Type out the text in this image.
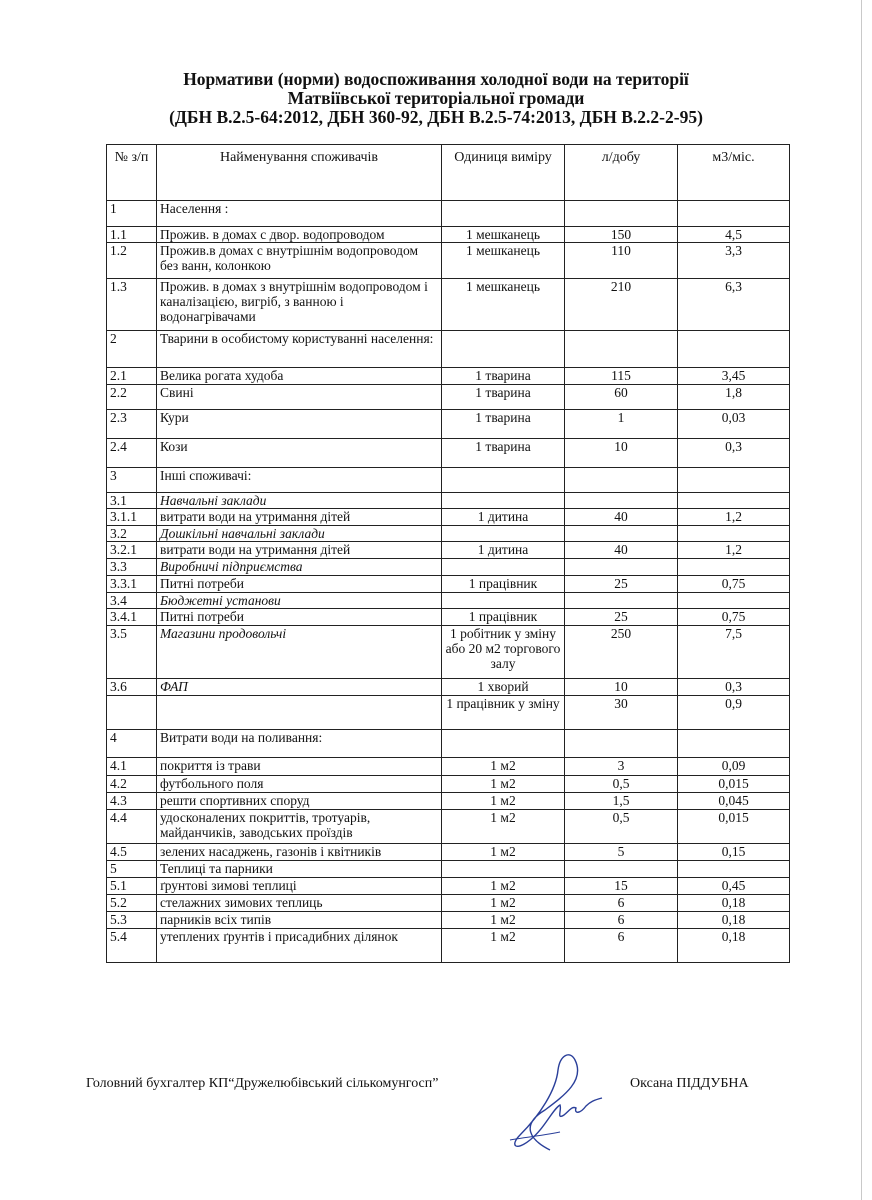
Нормативи (норми) водоспоживання холодної води на території
Матвіївської територіальної громади
(ДБН В.2.5-64:2012, ДБН 360-92, ДБН В.2.5-74:2013, ДБН В.2.2-2-95)
№ з/п	Найменування споживачів	Одиниця виміру	л/добу	м3/міс.
1	Населення :			
1.1	Прожив. в домах с двор. водопроводом	1 мешканець	150	4,5
1.2	Прожив.в домах с внутрішнім водопроводом без ванн, колонкою	1 мешканець	110	3,3
1.3	Прожив. в домах з внутрішнім водопроводом і каналізацією, вигріб, з ванною і водонагрівачами	1 мешканець	210	6,3
2	Тварини в особистому користуванні населення:			
2.1	Велика рогата худоба	1 тварина	115	3,45
2.2	Свині	1 тварина	60	1,8
2.3	Кури	1 тварина	1	0,03
2.4	Кози	1 тварина	10	0,3
3	Інші споживачі:			
3.1	Навчальні заклади			
3.1.1	витрати води на утримання дітей	1 дитина	40	1,2
3.2	Дошкільні навчальні заклади			
3.2.1	витрати води на утримання дітей	1 дитина	40	1,2
3.3	Виробничі підприємства			
3.3.1	Питні потреби	1 працівник	25	0,75
3.4	Бюджетні установи			
3.4.1	Питні потреби	1 працівник	25	0,75
3.5	Магазини продовольчі	1 робітник у зміну або 20 м2 торгового залу	250	7,5
3.6	ФАП	1 хворий	10	0,3
		1 працівник у зміну	30	0,9
4	Витрати води на поливання:			
4.1	покриття із трави	1 м2	3	0,09
4.2	футбольного поля	1 м2	0,5	0,015
4.3	решти спортивних споруд	1 м2	1,5	0,045
4.4	удосконалених покриттів, тротуарів, майданчиків, заводських проїздів	1 м2	0,5	0,015
4.5	зелених насаджень, газонів і квітників	1 м2	5	0,15
5	Теплиці та парники			
5.1	ґрунтові зимові теплиці	1 м2	15	0,45
5.2	стелажних зимових теплиць	1 м2	6	0,18
5.3	парників всіх типів	1 м2	6	0,18
5.4	утеплених ґрунтів і присадибних ділянок	1 м2	6	0,18
Головний бухгалтер КП“Дружелюбівський сількомунгосп”	Оксана ПІДДУБНА
